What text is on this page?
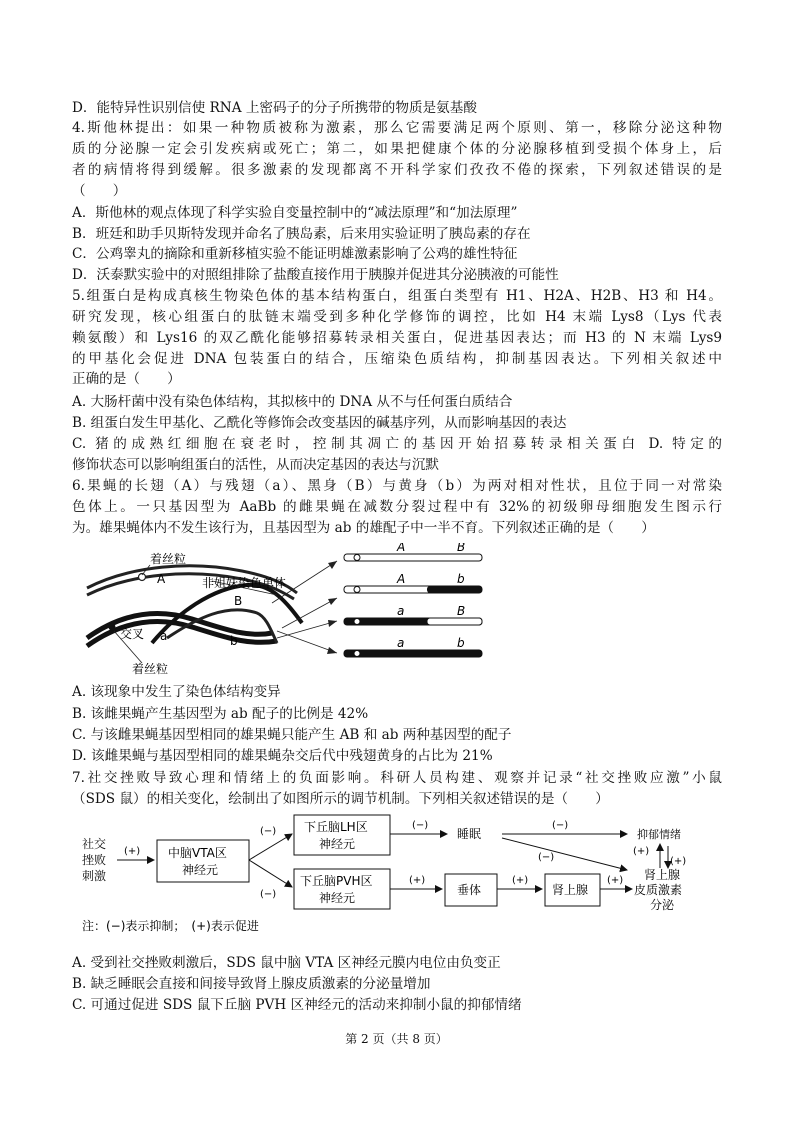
D．能特异性识别信使 RNA 上密码子的分子所携带的物质是氨基酸
4.斯他林提出：如果一种物质被称为激素，那么它需要满足两个原则、第一，移除分泌这种物
质的分泌腺一定会引发疾病或死亡；第二，如果把健康个体的分泌腺移植到受损个体身上，后
者的病情将得到缓解。很多激素的发现都离不开科学家们孜孜不倦的探索，下列叙述错误的是
（　　）
A．斯他林的观点体现了科学实验自变量控制中的“减法原理”和“加法原理”
B．班廷和助手贝斯特发现并命名了胰岛素，后来用实验证明了胰岛素的存在
C．公鸡睾丸的摘除和重新移植实验不能证明雄激素影响了公鸡的雄性特征
D．沃泰默实验中的对照组排除了盐酸直接作用于胰腺并促进其分泌胰液的可能性
5.组蛋白是构成真核生物染色体的基本结构蛋白，组蛋白类型有 H1、H2A、H2B、H3 和 H4。
研究发现，核心组蛋白的肽链末端受到多种化学修饰的调控，比如 H4 末端 Lys8（Lys 代表
赖氨酸）和 Lys16 的双乙酰化能够招募转录相关蛋白，促进基因表达；而 H3 的 N 末端 Lys9
的甲基化会促进 DNA 包装蛋白的结合，压缩染色质结构，抑制基因表达。下列相关叙述中
正确的是（　　）
A. 大肠杆菌中没有染色体结构，其拟核中的 DNA 从不与任何蛋白质结合
B. 组蛋白发生甲基化、乙酰化等修饰会改变基因的碱基序列，从而影响基因的表达
C. 猪的成熟红细胞在衰老时，控制其凋亡的基因开始招募转录相关蛋白 D. 特定的
修饰状态可以影响组蛋白的活性，从而决定基因的表达与沉默
6.果蝇的长翅（A）与残翅（a）、黑身（B）与黄身（b）为两对相对性状，且位于同一对常染
色体上。一只基因型为 AaBb 的雌果蝇在减数分裂过程中有 32%的初级卵母细胞发生图示行
为。雄果蝇体内不发生该行为，且基因型为 ab 的雄配子中一半不育。下列叙述正确的是（　　）
着丝粒
交叉
着丝粒
非姐妹染色单体
A
B
a	b
A	B
A	b
a	B
a	b
A. 该现象中发生了染色体结构变异
B. 该雌果蝇产生基因型为 ab 配子的比例是 42%
C. 与该雌果蝇基因型相同的雄果蝇只能产生 AB 和 ab 两种基因型的配子
D. 该雌果蝇与基因型相同的雄果蝇杂交后代中残翅黄身的占比为 21%
7.社交挫败导致心理和情绪上的负面影响。科研人员构建、观察并记录“社交挫败应激”小鼠
（SDS 鼠）的相关变化，绘制出了如图所示的调节机制。下列相关叙述错误的是（　　）
社交
挫败
刺激
(+) 中脑VTA区
神经元
(−)
(−)
下丘脑LH区
神经元
下丘脑PVH区
神经元
(−)
睡眠
(−)
(−)
抑郁情绪
(+)
(+)
(+)
垂体
(+)
肾上腺
(+) 肾上腺
皮质激素
分泌
注：(−)表示抑制；　(+)表示促进
A. 受到社交挫败刺激后，SDS 鼠中脑 VTA 区神经元膜内电位由负变正
B. 缺乏睡眠会直接和间接导致肾上腺皮质激素的分泌量增加
C. 可通过促进 SDS 鼠下丘脑 PVH 区神经元的活动来抑制小鼠的抑郁情绪
第 2 页（共 8 页）
